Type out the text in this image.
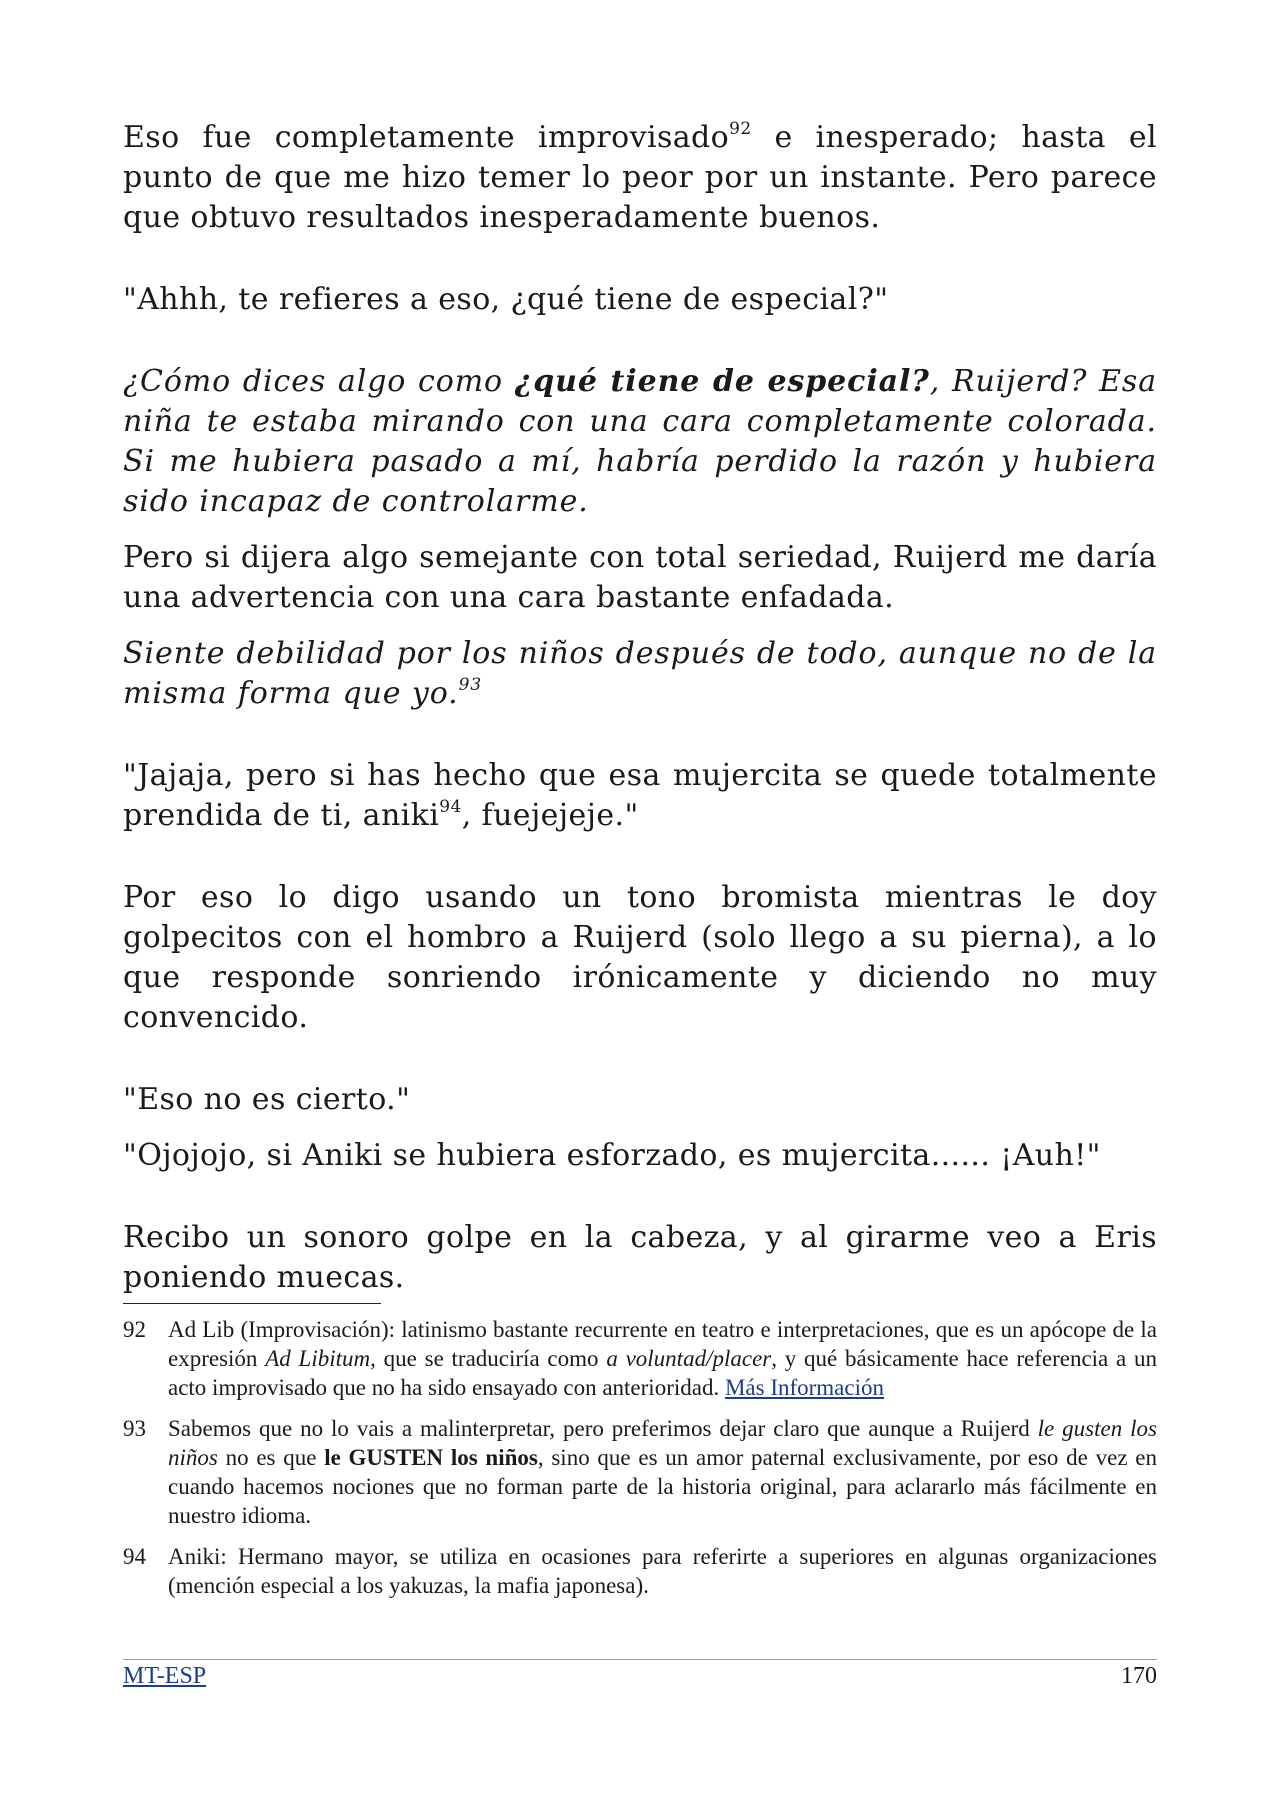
Eso fue completamente improvisado$^{92}$ e inesperado; hasta el punto de que me hizo temer lo peor por un instante. Pero parece que obtuvo resultados inesperadamente buenos.

"Ahhh, te refieres a eso, ¿qué tiene de especial?"

¿Cómo dices algo como ¿qué tiene de especial?, Ruijerd? Esa niña te estaba mirando con una cara completamente colorada. Si me hubiera pasado a mí, habría perdido la razón y hubiera sido incapaz de controlarme.

Pero si dijera algo semejante con total seriedad, Ruijerd me daría una advertencia con una cara bastante enfadada.

Siente debilidad por los niños después de todo, aunque no de la misma forma que yo.$^{93}$

"Jajaja, pero si has hecho que esa mujercita se quede totalmente prendida de ti, aniki$^{94}$, fuejejeje."

Por eso lo digo usando un tono bromista mientras le doy golpecitos con el hombro a Ruijerd (solo llego a su pierna), a lo que responde sonriendo irónicamente y diciendo no muy convencido.

"Eso no es cierto."

"Ojojojo, si Aniki se hubiera esforzado, es mujercita...... ¡Auh!"

Recibo un sonoro golpe en la cabeza, y al girarme veo a Eris poniendo muecas.

92 Ad Lib (Improvisación): latinismo bastante recurrente en teatro e interpretaciones, que es un apócope de la expresión Ad Libitum, que se traduciría como a voluntad/placer, y qué básicamente hace referencia a un acto improvisado que no ha sido ensayado con anterioridad. Más Información
93 Sabemos que no lo vais a malinterpretar, pero preferimos dejar claro que aunque a Ruijerd le gusten los niños no es que le GUSTEN los niños, sino que es un amor paternal exclusivamente, por eso de vez en cuando hacemos nociones que no forman parte de la historia original, para aclararlo más fácilmente en nuestro idioma.
94 Aniki: Hermano mayor, se utiliza en ocasiones para referirte a superiores en algunas organizaciones (mención especial a los yakuzas, la mafia japonesa).
MT-ESP	170
